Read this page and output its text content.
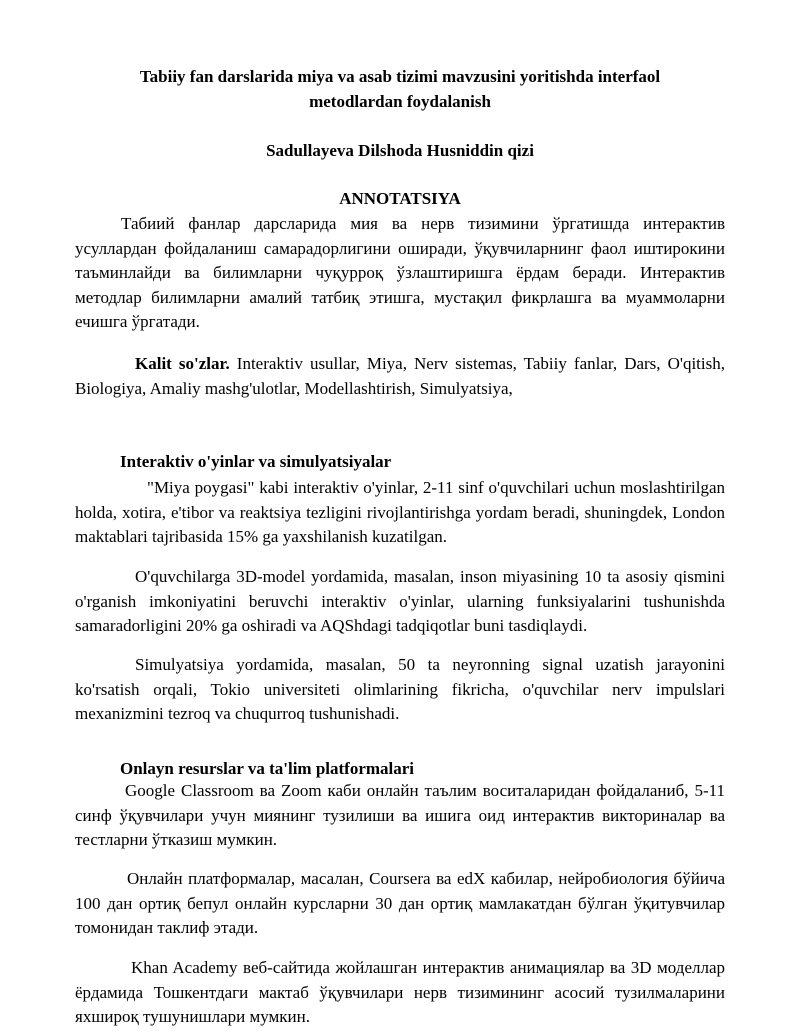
Tabiiy fan darslarida miya va asab tizimi mavzusini yoritishda interfaol
metodlardan foydalanish
Sadullayeva Dilshoda Husniddin qizi
ANNOTATSIYA

Табиий фанлар дарсларида мия ва нерв тизимини ўргатишда интерактив усуллардан фойдаланиш самарадорлигини оширади, ўқувчиларнинг фаол иштирокини таъминлайди ва билимларни чуқурроқ ўзлаштиришга ёрдам беради. Интерактив методлар билимларни амалий татбиқ этишга, мустақил фикрлашга ва муаммоларни ечишга ўргатади.

Kalit so'zlar. Interaktiv usullar, Miya, Nerv sistemas, Tabiiy fanlar, Dars, O'qitish, Biologiya, Amaliy mashg'ulotlar, Modellashtirish, Simulyatsiya,

Interaktiv o'yinlar va simulyatsiyalar

"Miya poygasi" kabi interaktiv o'yinlar, 2-11 sinf o'quvchilari uchun moslashtirilgan holda, xotira, e'tibor va reaktsiya tezligini rivojlantirishga yordam beradi, shuningdek, London maktablari tajribasida 15% ga yaxshilanish kuzatilgan.

O'quvchilarga 3D-model yordamida, masalan, inson miyasining 10 ta asosiy qismini o'rganish imkoniyatini beruvchi interaktiv o'yinlar, ularning funksiyalarini tushunishda samaradorligini 20% ga oshiradi va AQShdagi tadqiqotlar buni tasdiqlaydi.

Simulyatsiya yordamida, masalan, 50 ta neyronning signal uzatish jarayonini ko'rsatish orqali, Tokio universiteti olimlarining fikricha, o'quvchilar nerv impulslari mexanizmini tezroq va chuqurroq tushunishadi.

Onlayn resurslar va ta'lim platformalari

Google Classroom ва Zoom каби онлайн таълим воситаларидан фойдаланиб, 5-11 синф ўқувчилари учун миянинг тузилиши ва ишига оид интерактив викториналар ва тестларни ўтказиш мумкин.

Онлайн платформалар, масалан, Coursera ва edX кабилар, нейробиология бўйича 100 дан ортиқ бепул онлайн курсларни 30 дан ортиқ мамлакатдан бўлган ўқитувчилар томонидан таклиф этади.

Khan Academy веб-сайтида жойлашган интерактив анимациялар ва 3D моделлар ёрдамида Тошкентдаги мактаб ўқувчилари нерв тизимининг асосий тузилмаларини яхшироқ тушунишлари мумкин.
